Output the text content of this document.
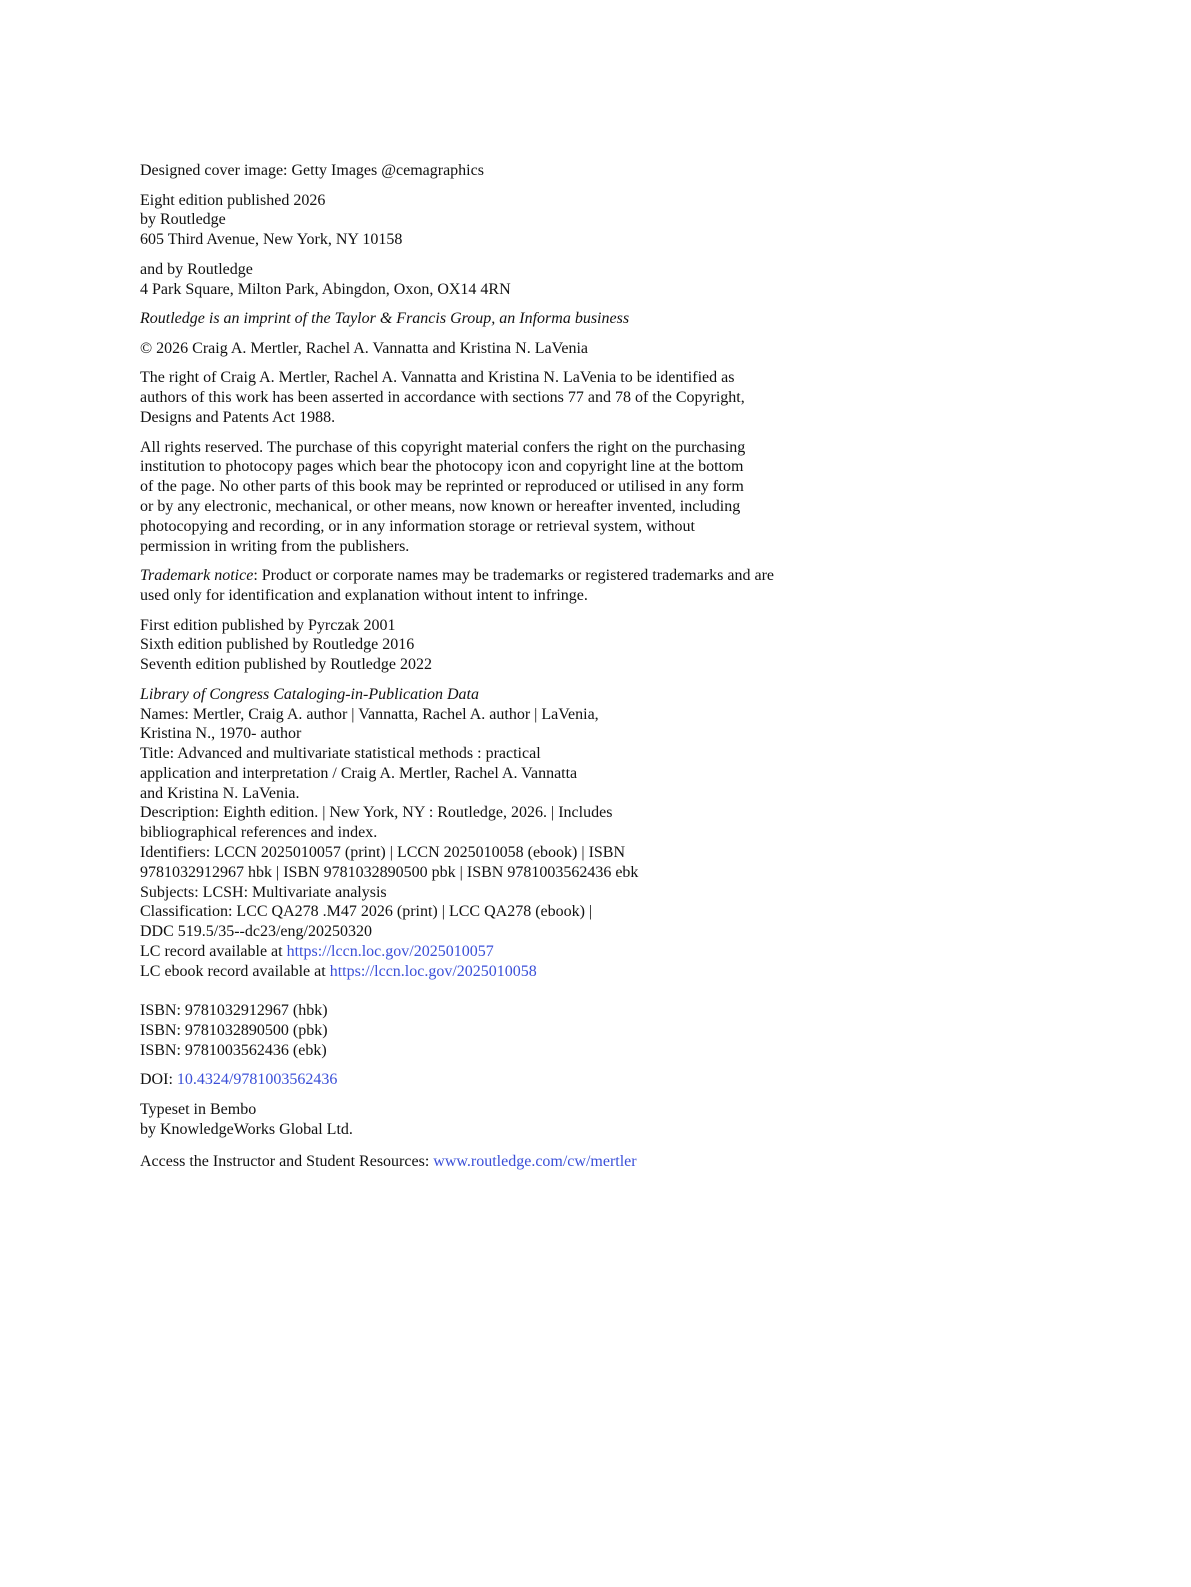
Designed cover image: Getty Images @cemagraphics
Eight edition published 2026
by Routledge
605 Third Avenue, New York, NY 10158
and by Routledge
4 Park Square, Milton Park, Abingdon, Oxon, OX14 4RN
Routledge is an imprint of the Taylor & Francis Group, an Informa business
© 2026 Craig A. Mertler, Rachel A. Vannatta and Kristina N. LaVenia
The right of Craig A. Mertler, Rachel A. Vannatta and Kristina N. LaVenia to be identified as
authors of this work has been asserted in accordance with sections 77 and 78 of the Copyright,
Designs and Patents Act 1988.
All rights reserved. The purchase of this copyright material confers the right on the purchasing
institution to photocopy pages which bear the photocopy icon and copyright line at the bottom
of the page. No other parts of this book may be reprinted or reproduced or utilised in any form
or by any electronic, mechanical, or other means, now known or hereafter invented, including
photocopying and recording, or in any information storage or retrieval system, without
permission in writing from the publishers.
Trademark notice: Product or corporate names may be trademarks or registered trademarks and are
used only for identification and explanation without intent to infringe.
First edition published by Pyrczak 2001
Sixth edition published by Routledge 2016
Seventh edition published by Routledge 2022
Library of Congress Cataloging-in-Publication Data
Names: Mertler, Craig A. author | Vannatta, Rachel A. author | LaVenia,
Kristina N., 1970- author
Title: Advanced and multivariate statistical methods : practical
application and interpretation / Craig A. Mertler, Rachel A. Vannatta
and Kristina N. LaVenia.
Description: Eighth edition. | New York, NY : Routledge, 2026. | Includes
bibliographical references and index.
Identifiers: LCCN 2025010057 (print) | LCCN 2025010058 (ebook) | ISBN
9781032912967 hbk | ISBN 9781032890500 pbk | ISBN 9781003562436 ebk
Subjects: LCSH: Multivariate analysis
Classification: LCC QA278 .M47 2026 (print) | LCC QA278 (ebook) |
DDC 519.5/35--dc23/eng/20250320
LC record available at https://lccn.loc.gov/2025010057
LC ebook record available at https://lccn.loc.gov/2025010058
ISBN: 9781032912967 (hbk)
ISBN: 9781032890500 (pbk)
ISBN: 9781003562436 (ebk)
DOI: 10.4324/9781003562436
Typeset in Bembo
by KnowledgeWorks Global Ltd.
Access the Instructor and Student Resources: www.routledge.com/cw/mertler
